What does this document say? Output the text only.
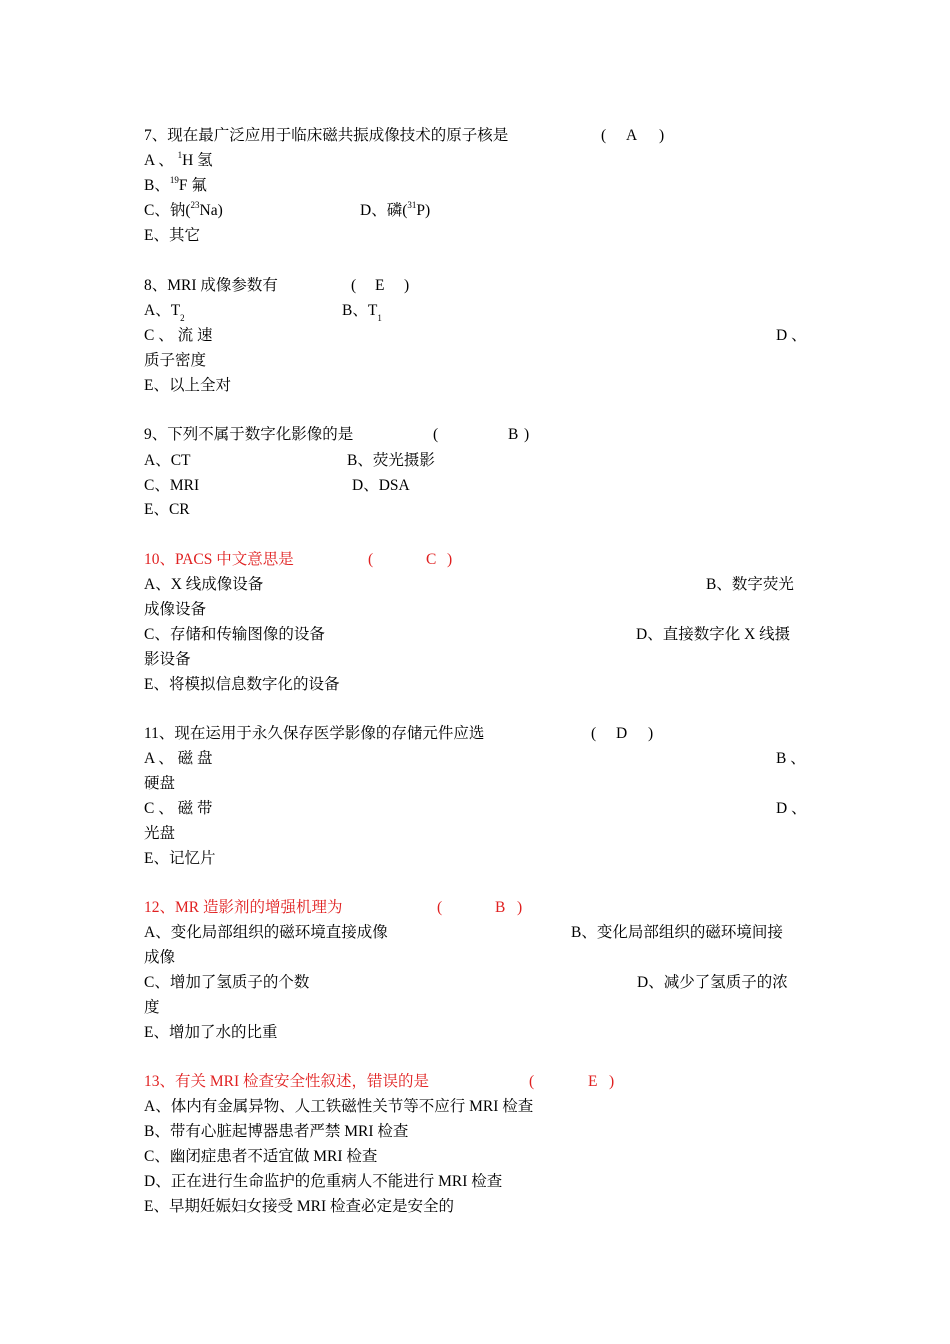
7、现在最广泛应用于临床磁共振成像技术的原子核是	( A )
A 、 $^1$H 氢
B、$^{19}$F 氟
C、钠($^{23}$Na)	D、磷($^{31}$P)
E、其它
8、MRI 成像参数有	( E )
A、$T_2$	B、$T_1$
C 、 流 速	D 、
质子密度
E、以上全对
9、下列不属于数字化影像的是	(	B )
A、CT	B、荧光摄影
C、MRI	D、DSA
E、CR
10、PACS 中文意思是	(	C )
A、X 线成像设备	B、数字荧光
成像设备
C、存储和传输图像的设备	D、直接数字化 X 线摄
影设备
E、将模拟信息数字化的设备
11、现在运用于永久保存医学影像的存储元件应选	( D )
A 、 磁 盘	B 、
硬盘
C 、 磁 带	D 、
光盘
E、记忆片
12、MR 造影剂的增强机理为	(	B )
A、变化局部组织的磁环境直接成像	B、变化局部组织的磁环境间接
成像
C、增加了氢质子的个数	D、减少了氢质子的浓
度
E、增加了水的比重
13、有关 MRI 检查安全性叙述，错误的是	(	E )
A、体内有金属异物、人工铁磁性关节等不应行 MRI 检查
B、带有心脏起博器患者严禁 MRI 检查
C、幽闭症患者不适宜做 MRI 检查
D、正在进行生命监护的危重病人不能进行 MRI 检查
E、早期妊娠妇女接受 MRI 检查必定是安全的
